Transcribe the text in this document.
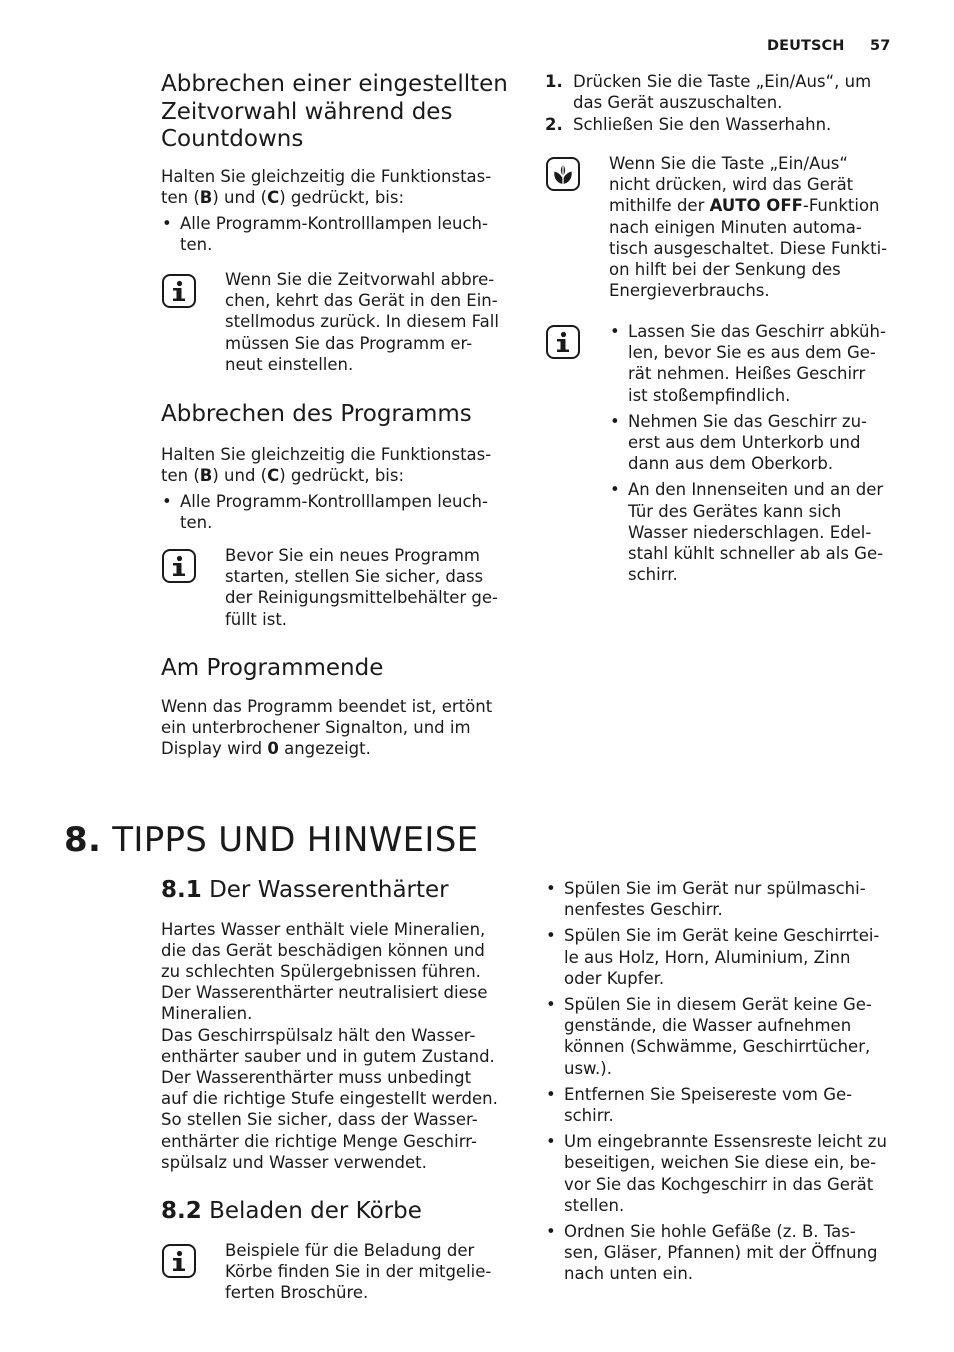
DEUTSCH 57
Abbrechen einer eingestellten Zeitvorwahl während des Countdowns

Halten Sie gleichzeitig die Funktionstas-
ten (B) und (C) gedrückt, bis:

• Alle Programm-Kontrolllampen leuch-
ten.
Wenn Sie die Zeitvorwahl abbre-
chen, kehrt das Gerät in den Ein-
stellmodus zurück. In diesem Fall
müssen Sie das Programm er-
neut einstellen.
Abbrechen des Programms

Halten Sie gleichzeitig die Funktionstas-
ten (B) und (C) gedrückt, bis:

• Alle Programm-Kontrolllampen leuch-
ten.
Bevor Sie ein neues Programm
starten, stellen Sie sicher, dass
der Reinigungsmittelbehälter ge-
füllt ist.
Am Programmende
Wenn das Programm beendet ist, ertönt
ein unterbrochener Signalton, und im
Display wird 0 angezeigt.
1. Drücken Sie die Taste „Ein/Aus“, um
das Gerät auszuschalten.
2. Schließen Sie den Wasserhahn.
Wenn Sie die Taste „Ein/Aus“
nicht drücken, wird das Gerät
mithilfe der AUTO OFF-Funktion
nach einigen Minuten automa-
tisch ausgeschaltet. Diese Funkti-
on hilft bei der Senkung des
Energieverbrauchs.
• Lassen Sie das Geschirr abküh-
len, bevor Sie es aus dem Ge-
rät nehmen. Heißes Geschirr
ist stoßempfindlich.
• Nehmen Sie das Geschirr zu-
erst aus dem Unterkorb und
dann aus dem Oberkorb.
• An den Innenseiten und an der
Tür des Gerätes kann sich
Wasser niederschlagen. Edel-
stahl kühlt schneller ab als Ge-
schirr.
8. TIPPS UND HINWEISE
8.1 Der Wasserenthärter
Hartes Wasser enthält viele Mineralien,
die das Gerät beschädigen können und
zu schlechten Spülergebnissen führen.
Der Wasserenthärter neutralisiert diese
Mineralien.
Das Geschirrspülsalz hält den Wasser-
enthärter sauber und in gutem Zustand.
Der Wasserenthärter muss unbedingt
auf die richtige Stufe eingestellt werden.
So stellen Sie sicher, dass der Wasser-
enthärter die richtige Menge Geschirr-
spülsalz und Wasser verwendet.
8.2 Beladen der Körbe
Beispiele für die Beladung der
Körbe finden Sie in der mitgelie-
ferten Broschüre.
• Spülen Sie im Gerät nur spülmaschi-
nenfestes Geschirr.
• Spülen Sie im Gerät keine Geschirrtei-
le aus Holz, Horn, Aluminium, Zinn
oder Kupfer.
• Spülen Sie in diesem Gerät keine Ge-
genstände, die Wasser aufnehmen
können (Schwämme, Geschirrtücher,
usw.).
• Entfernen Sie Speisereste vom Ge-
schirr.
• Um eingebrannte Essensreste leicht zu
beseitigen, weichen Sie diese ein, be-
vor Sie das Kochgeschirr in das Gerät
stellen.
• Ordnen Sie hohle Gefäße (z. B. Tas-
sen, Gläser, Pfannen) mit der Öffnung
nach unten ein.
